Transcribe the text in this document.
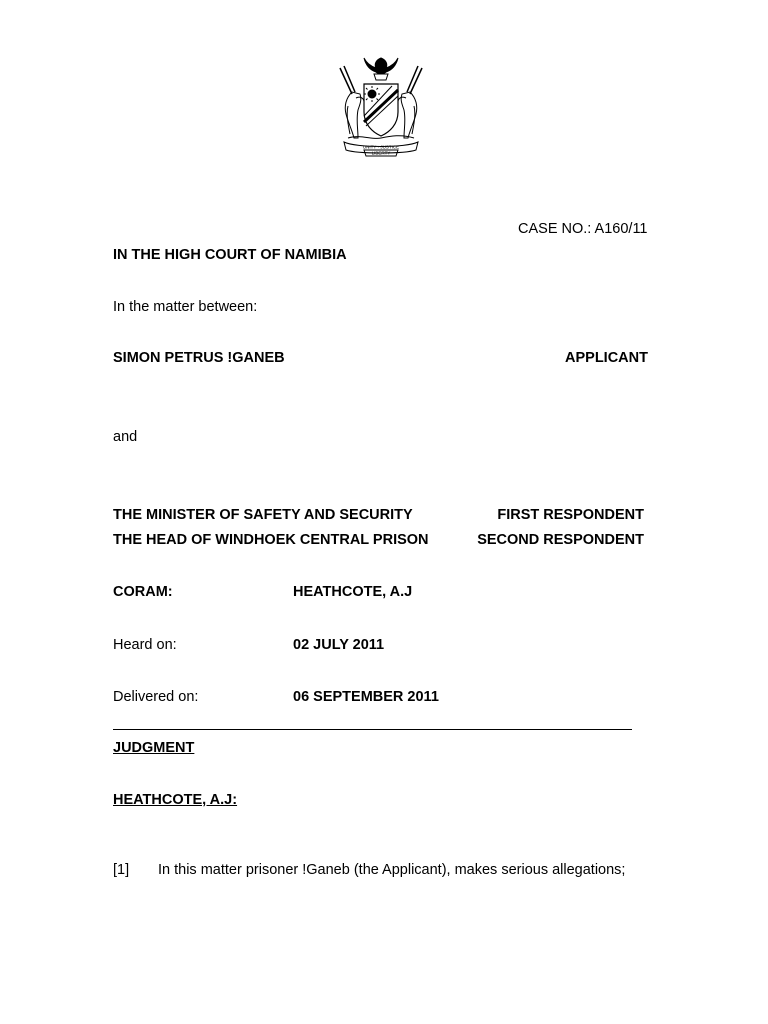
UNITY · JUSTICE
LIBERTY
CASE NO.: A160/11
IN THE HIGH COURT OF NAMIBIA
In the matter between:
SIMON PETRUS !GANEB	APPLICANT
and
THE MINISTER OF SAFETY AND SECURITY	FIRST RESPONDENT
THE HEAD OF WINDHOEK CENTRAL PRISON	SECOND RESPONDENT
CORAM:	HEATHCOTE, A.J
Heard on:	02 JULY 2011
Delivered on:	06 SEPTEMBER 2011
JUDGMENT
HEATHCOTE, A.J:
[1] In this matter prisoner !Ganeb (the Applicant), makes serious allegations;
